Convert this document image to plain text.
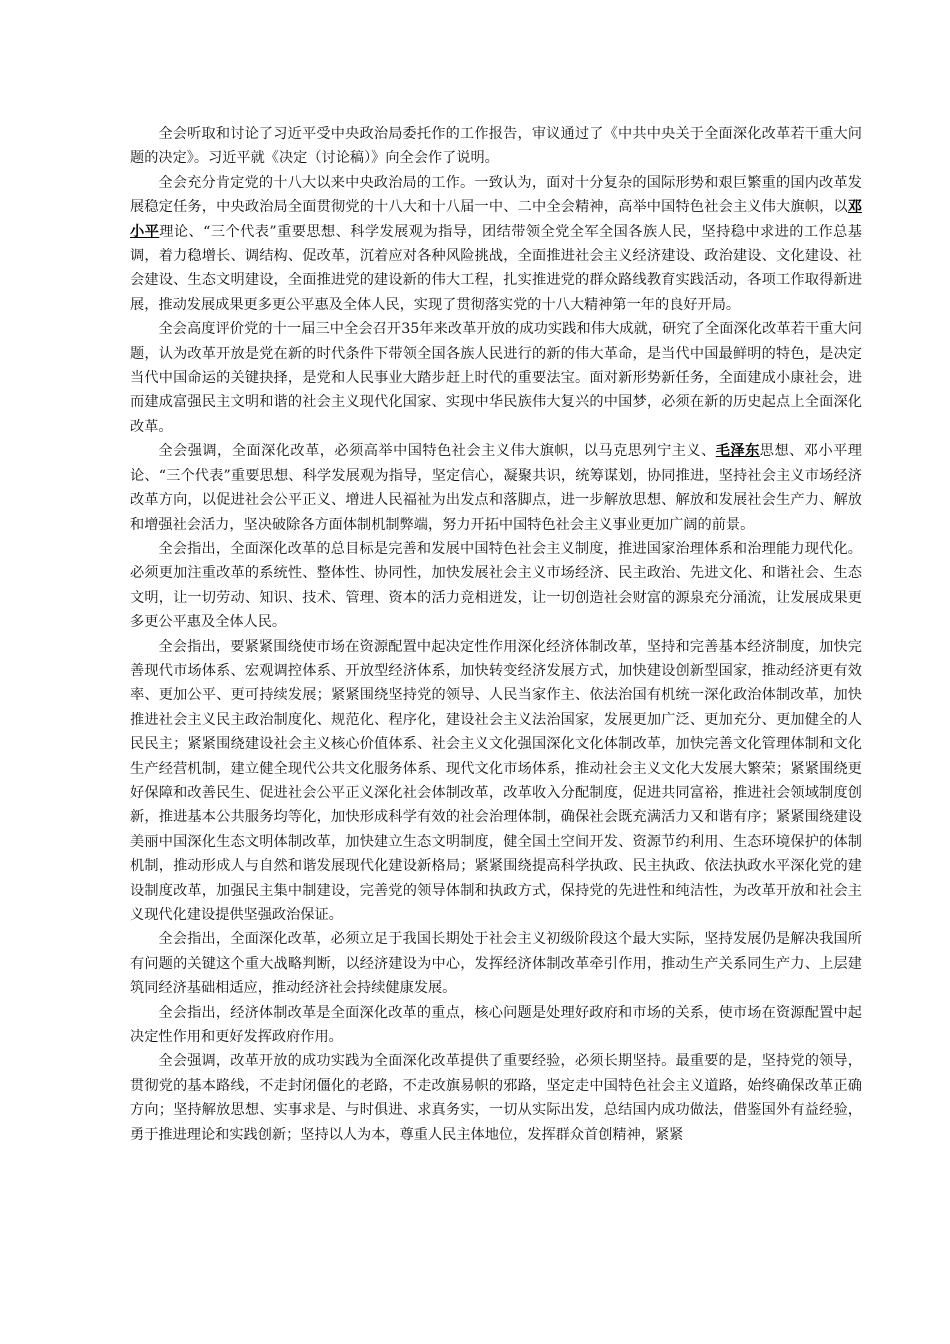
全会听取和讨论了习近平受中央政治局委托作的工作报告，审议通过了《中共中央关于全面深化改革若干重大问题的决定》。习近平就《决定（讨论稿）》向全会作了说明。

全会充分肯定党的十八大以来中央政治局的工作。一致认为，面对十分复杂的国际形势和艰巨繁重的国内改革发展稳定任务，中央政治局全面贯彻党的十八大和十八届一中、二中全会精神，高举中国特色社会主义伟大旗帜，以邓小平理论、“三个代表”重要思想、科学发展观为指导，团结带领全党全军全国各族人民，坚持稳中求进的工作总基调，着力稳增长、调结构、促改革，沉着应对各种风险挑战，全面推进社会主义经济建设、政治建设、文化建设、社会建设、生态文明建设，全面推进党的建设新的伟大工程，扎实推进党的群众路线教育实践活动，各项工作取得新进展，推动发展成果更多更公平惠及全体人民，实现了贯彻落实党的十八大精神第一年的良好开局。

全会高度评价党的十一届三中全会召开35年来改革开放的成功实践和伟大成就，研究了全面深化改革若干重大问题，认为改革开放是党在新的时代条件下带领全国各族人民进行的新的伟大革命，是当代中国最鲜明的特色，是决定当代中国命运的关键抉择，是党和人民事业大踏步赶上时代的重要法宝。面对新形势新任务，全面建成小康社会，进而建成富强民主文明和谐的社会主义现代化国家、实现中华民族伟大复兴的中国梦，必须在新的历史起点上全面深化改革。

全会强调，全面深化改革，必须高举中国特色社会主义伟大旗帜，以马克思列宁主义、毛泽东思想、邓小平理论、“三个代表”重要思想、科学发展观为指导，坚定信心，凝聚共识，统筹谋划，协同推进，坚持社会主义市场经济改革方向，以促进社会公平正义、增进人民福祉为出发点和落脚点，进一步解放思想、解放和发展社会生产力、解放和增强社会活力，坚决破除各方面体制机制弊端，努力开拓中国特色社会主义事业更加广阔的前景。

全会指出，全面深化改革的总目标是完善和发展中国特色社会主义制度，推进国家治理体系和治理能力现代化。必须更加注重改革的系统性、整体性、协同性，加快发展社会主义市场经济、民主政治、先进文化、和谐社会、生态文明，让一切劳动、知识、技术、管理、资本的活力竞相迸发，让一切创造社会财富的源泉充分涌流，让发展成果更多更公平惠及全体人民。

全会指出，要紧紧围绕使市场在资源配置中起决定性作用深化经济体制改革，坚持和完善基本经济制度，加快完善现代市场体系、宏观调控体系、开放型经济体系，加快转变经济发展方式，加快建设创新型国家，推动经济更有效率、更加公平、更可持续发展；紧紧围绕坚持党的领导、人民当家作主、依法治国有机统一深化政治体制改革，加快推进社会主义民主政治制度化、规范化、程序化，建设社会主义法治国家，发展更加广泛、更加充分、更加健全的人民民主；紧紧围绕建设社会主义核心价值体系、社会主义文化强国深化文化体制改革，加快完善文化管理体制和文化生产经营机制，建立健全现代公共文化服务体系、现代文化市场体系，推动社会主义文化大发展大繁荣；紧紧围绕更好保障和改善民生、促进社会公平正义深化社会体制改革，改革收入分配制度，促进共同富裕，推进社会领域制度创新，推进基本公共服务均等化，加快形成科学有效的社会治理体制，确保社会既充满活力又和谐有序；紧紧围绕建设美丽中国深化生态文明体制改革，加快建立生态文明制度，健全国土空间开发、资源节约利用、生态环境保护的体制机制，推动形成人与自然和谐发展现代化建设新格局；紧紧围绕提高科学执政、民主执政、依法执政水平深化党的建设制度改革，加强民主集中制建设，完善党的领导体制和执政方式，保持党的先进性和纯洁性，为改革开放和社会主义现代化建设提供坚强政治保证。

全会指出，全面深化改革，必须立足于我国长期处于社会主义初级阶段这个最大实际，坚持发展仍是解决我国所有问题的关键这个重大战略判断，以经济建设为中心，发挥经济体制改革牵引作用，推动生产关系同生产力、上层建筑同经济基础相适应，推动经济社会持续健康发展。

全会指出，经济体制改革是全面深化改革的重点，核心问题是处理好政府和市场的关系，使市场在资源配置中起决定性作用和更好发挥政府作用。

全会强调，改革开放的成功实践为全面深化改革提供了重要经验，必须长期坚持。最重要的是，坚持党的领导，贯彻党的基本路线，不走封闭僵化的老路，不走改旗易帜的邪路，坚定走中国特色社会主义道路，始终确保改革正确方向；坚持解放思想、实事求是、与时俱进、求真务实，一切从实际出发，总结国内成功做法，借鉴国外有益经验，勇于推进理论和实践创新；坚持以人为本，尊重人民主体地位，发挥群众首创精神，紧紧
